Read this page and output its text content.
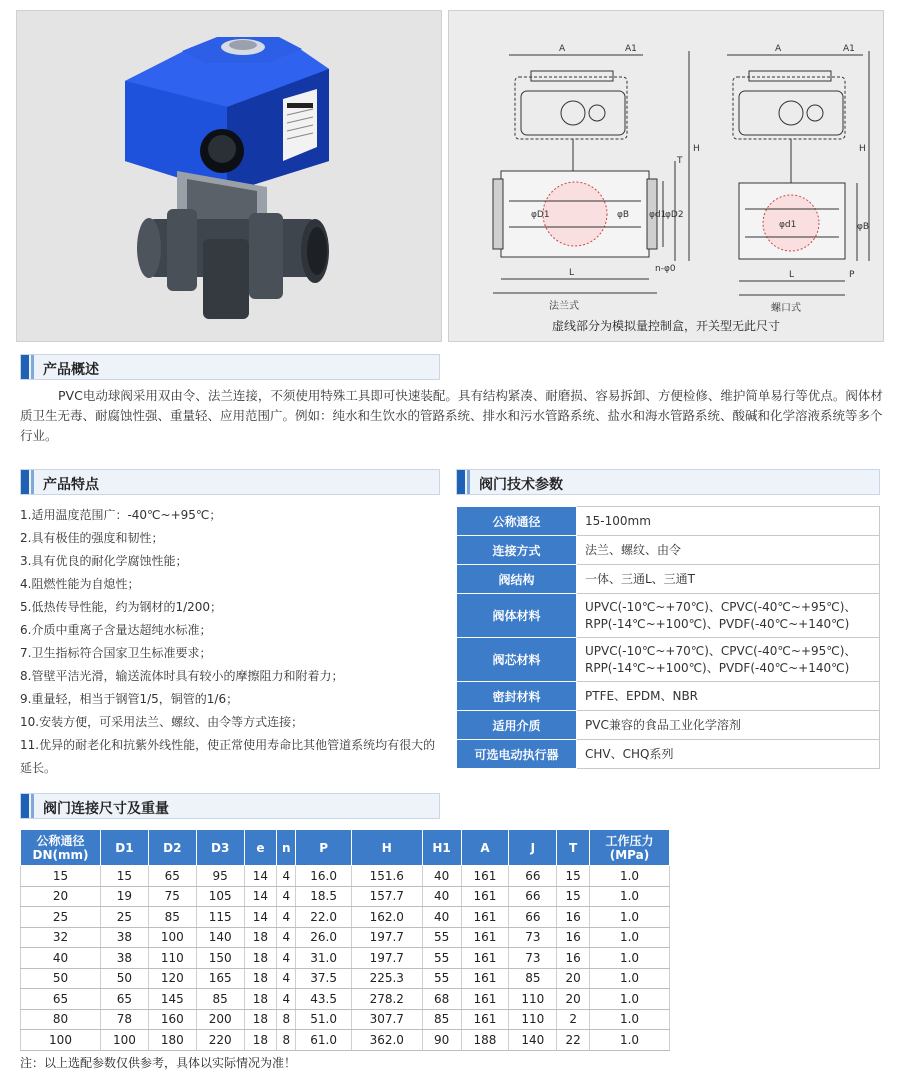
A	A1
H
T
φD1	φB φd1
φD2
n-φ0
L
A	A1
H
φB
φd1
L	P
法兰式	螺口式
虚线部分为模拟量控制盒，开关型无此尺寸
产品概述
PVC电动球阀采用双由令、法兰连接，不须使用特殊工具即可快速装配。具有结构紧凑、耐磨损、容易拆卸、方便检修、维护简单易行等优点。阀体材质卫生无毒、耐腐蚀性强、重量轻、应用范围广。例如：纯水和生饮水的管路系统、排水和污水管路系统、盐水和海水管路系统、酸碱和化学溶液系统等多个行业。
产品特点
1.适用温度范围广：-40℃~+95℃；
2.具有极佳的强度和韧性；
3.具有优良的耐化学腐蚀性能；
4.阻燃性能为自熄性；
5.低热传导性能，约为钢材的1/200；
6.介质中重离子含量达超纯水标准；
7.卫生指标符合国家卫生标准要求；
8.管壁平洁光滑，输送流体时具有较小的摩擦阻力和附着力；
9.重量轻，相当于钢管1/5，铜管的1/6；
10.安装方便，可采用法兰、螺纹、由令等方式连接；
11.优异的耐老化和抗紫外线性能，使正常使用寿命比其他管道系统均有很大的延长。
阀门技术参数
公称通径	15-100mm
连接方式	法兰、螺纹、由令
阀结构	一体、三通L、三通T
阀体材料	UPVC(-10℃~+70℃)、CPVC(-40℃~+95℃)、RPP(-14℃~+100℃)、PVDF(-40℃~+140℃)
阀芯材料	UPVC(-10℃~+70℃)、CPVC(-40℃~+95℃)、RPP(-14℃~+100℃)、PVDF(-40℃~+140℃)
密封材料	PTFE、EPDM、NBR
适用介质	PVC兼容的食品工业化学溶剂
可选电动执行器	CHV、CHQ系列
阀门连接尺寸及重量
公称通径 DN(mm)	D1	D2	D3	e	n	P	H	H1	A	J	T	工作压力 (MPa)
15	15	65	95	14	4	16.0	151.6	40	161	66	15	1.0
20	19	75	105	14	4	18.5	157.7	40	161	66	15	1.0
25	25	85	115	14	4	22.0	162.0	40	161	66	16	1.0
32	38	100	140	18	4	26.0	197.7	55	161	73	16	1.0
40	38	110	150	18	4	31.0	197.7	55	161	73	16	1.0
50	50	120	165	18	4	37.5	225.3	55	161	85	20	1.0
65	65	145	85	18	4	43.5	278.2	68	161	110	20	1.0
80	78	160	200	18	8	51.0	307.7	85	161	110	2	1.0
100	100	180	220	18	8	61.0	362.0	90	188	140	22	1.0
注：以上选配参数仅供参考，具体以实际情况为准！
